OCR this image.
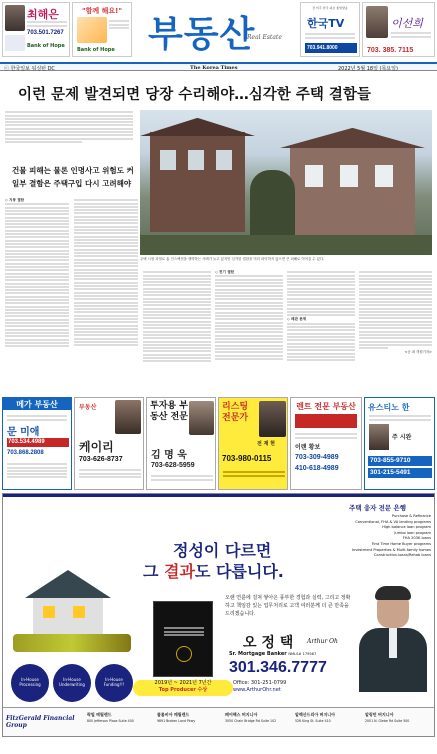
최해은
703.501.7267
Bank of Hope
"함께 해요!"
Bank of Hope 부동산
Real Estate
전 미주 한국 최초 종합방송
한국TV
703.941.8000
이선희
703. 385. 7115
ⓒ 한국일보 워싱턴 DC	The Korea Times	2022년 5월 18일 (목요일)
이런 문제 발견되면 당장 수리해야…심각한 주택 결함들
건물 피해는 물론 인명사고 위험도 커
일부 결함은 주택구입 다시 고려해야
주택 시장 과열로 홈 인스펙션을 생략하는 사례가 늘고 있지만 심각한 결함을 미리 파악하지 않으면 큰 피해로 이어질 수 있다.
◇ 지붕 결함
◇ 전기 결함
◇ 배관 문제
<준 최 객원기자>
메가 부동산
문 미애
703.534.4989
703.868.2808
부동산
케이리
703-626-8737
투자용 부동산 전문
김 명 욱
703-628-5959
리스팅 전문가
전 재 현
703-980-0115
렌트 전문 부동산
이랜 황보
703-309-4989
410-618-4989
유스티노 한
주 시완
703-855-9710
301-215-5491
주택 융자 전문 은행
Purchase & Refinance
Conventional, FHA & VA lending programs
High balance loan program
Jumbo loan program
FHA 203K loans
First Time Home Buyer programs
Investment Properties & Multi-family homes
Construction-loans/Rehab loans
정성이 다르면
그 결과도 다릅니다.
2019년 ~ 2021년 7년간
Top Producer 수상
오랜 연륜에 걸쳐 쌓아온 풍부한 경험과 실력, 그리고 정확하고 책임감 있는 업무처리로 고객 여러분께 더 큰 만족을 드리겠습니다.
오 정 택 Arthur Oh
Sr. Mortgage Banker NMLS# 179567
301.346.7777
Office: 301-251-0799
www.ArthurOhr.net
In-House Processing
In-House Underwriting
In-House Funding!!!
FitzGerald Financial Group
락빌 메릴랜드
800 Jefferson Plaza Suite 400
콜롬비아 메릴랜드
9891 Broken Land Pkwy
페어팩스 버지니아
3050 Chain Bridge Rd Suite 102
알렉산드리아 버지니아
526 King St. Suite 410
알링턴 버지니아
2001 N. Glebe Rd Suite 500
